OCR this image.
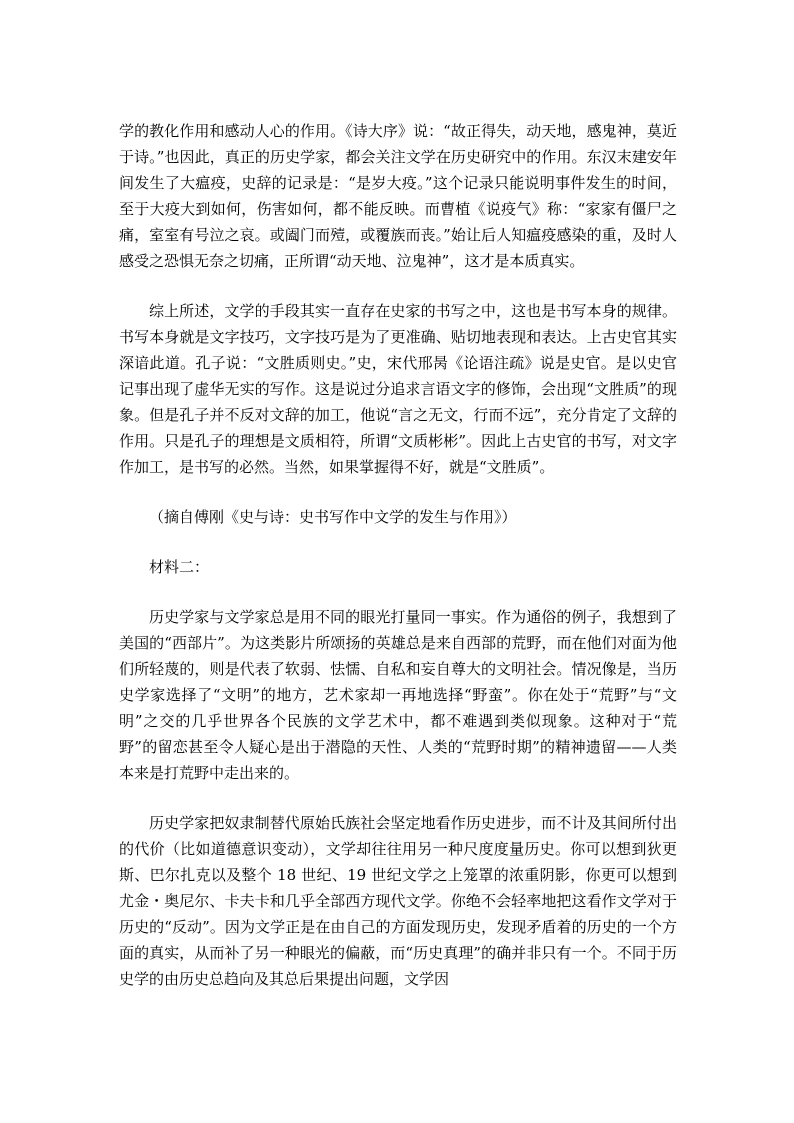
学的教化作用和感动人心的作用。《诗大序》说：“故正得失，动天地，感鬼神，莫近于诗。”也因此，真正的历史学家，都会关注文学在历史研究中的作用。东汉末建安年间发生了大瘟疫，史辞的记录是：“是岁大疫。”这个记录只能说明事件发生的时间，至于大疫大到如何，伤害如何，都不能反映。而曹植《说疫气》称：“家家有僵尸之痛，室室有号泣之哀。或阖门而殪，或覆族而丧。”始让后人知瘟疫感染的重，及时人感受之恐惧无奈之切痛，正所谓“动天地、泣鬼神”，这才是本质真实。

综上所述，文学的手段其实一直存在史家的书写之中，这也是书写本身的规律。书写本身就是文字技巧，文字技巧是为了更准确、贴切地表现和表达。上古史官其实深谙此道。孔子说：“文胜质则史。”史，宋代邢昺《论语注疏》说是史官。是以史官记事出现了虚华无实的写作。这是说过分追求言语文字的修饰，会出现“文胜质”的现象。但是孔子并不反对文辞的加工，他说“言之无文，行而不远”，充分肯定了文辞的作用。只是孔子的理想是文质相符，所谓“文质彬彬”。因此上古史官的书写，对文字作加工，是书写的必然。当然，如果掌握得不好，就是“文胜质”。

（摘自傅刚《史与诗：史书写作中文学的发生与作用》）

材料二：

历史学家与文学家总是用不同的眼光打量同一事实。作为通俗的例子，我想到了美国的“西部片”。为这类影片所颂扬的英雄总是来自西部的荒野，而在他们对面为他们所轻蔑的，则是代表了软弱、怯懦、自私和妄自尊大的文明社会。情况像是，当历史学家选择了“文明”的地方，艺术家却一再地选择“野蛮”。你在处于“荒野”与“文明”之交的几乎世界各个民族的文学艺术中，都不难遇到类似现象。这种对于“荒野”的留恋甚至令人疑心是出于潜隐的天性、人类的“荒野时期”的精神遗留——人类本来是打荒野中走出来的。

历史学家把奴隶制替代原始氏族社会坚定地看作历史进步，而不计及其间所付出的代价（比如道德意识变动），文学却往往用另一种尺度度量历史。你可以想到狄更斯、巴尔扎克以及整个 18 世纪、19 世纪文学之上笼罩的浓重阴影，你更可以想到尤金・奥尼尔、卡夫卡和几乎全部西方现代文学。你绝不会轻率地把这看作文学对于历史的“反动”。因为文学正是在由自己的方面发现历史，发现矛盾着的历史的一个方面的真实，从而补了另一种眼光的偏蔽，而“历史真理”的确并非只有一个。不同于历史学的由历史总趋向及其总后果提出问题，文学因
